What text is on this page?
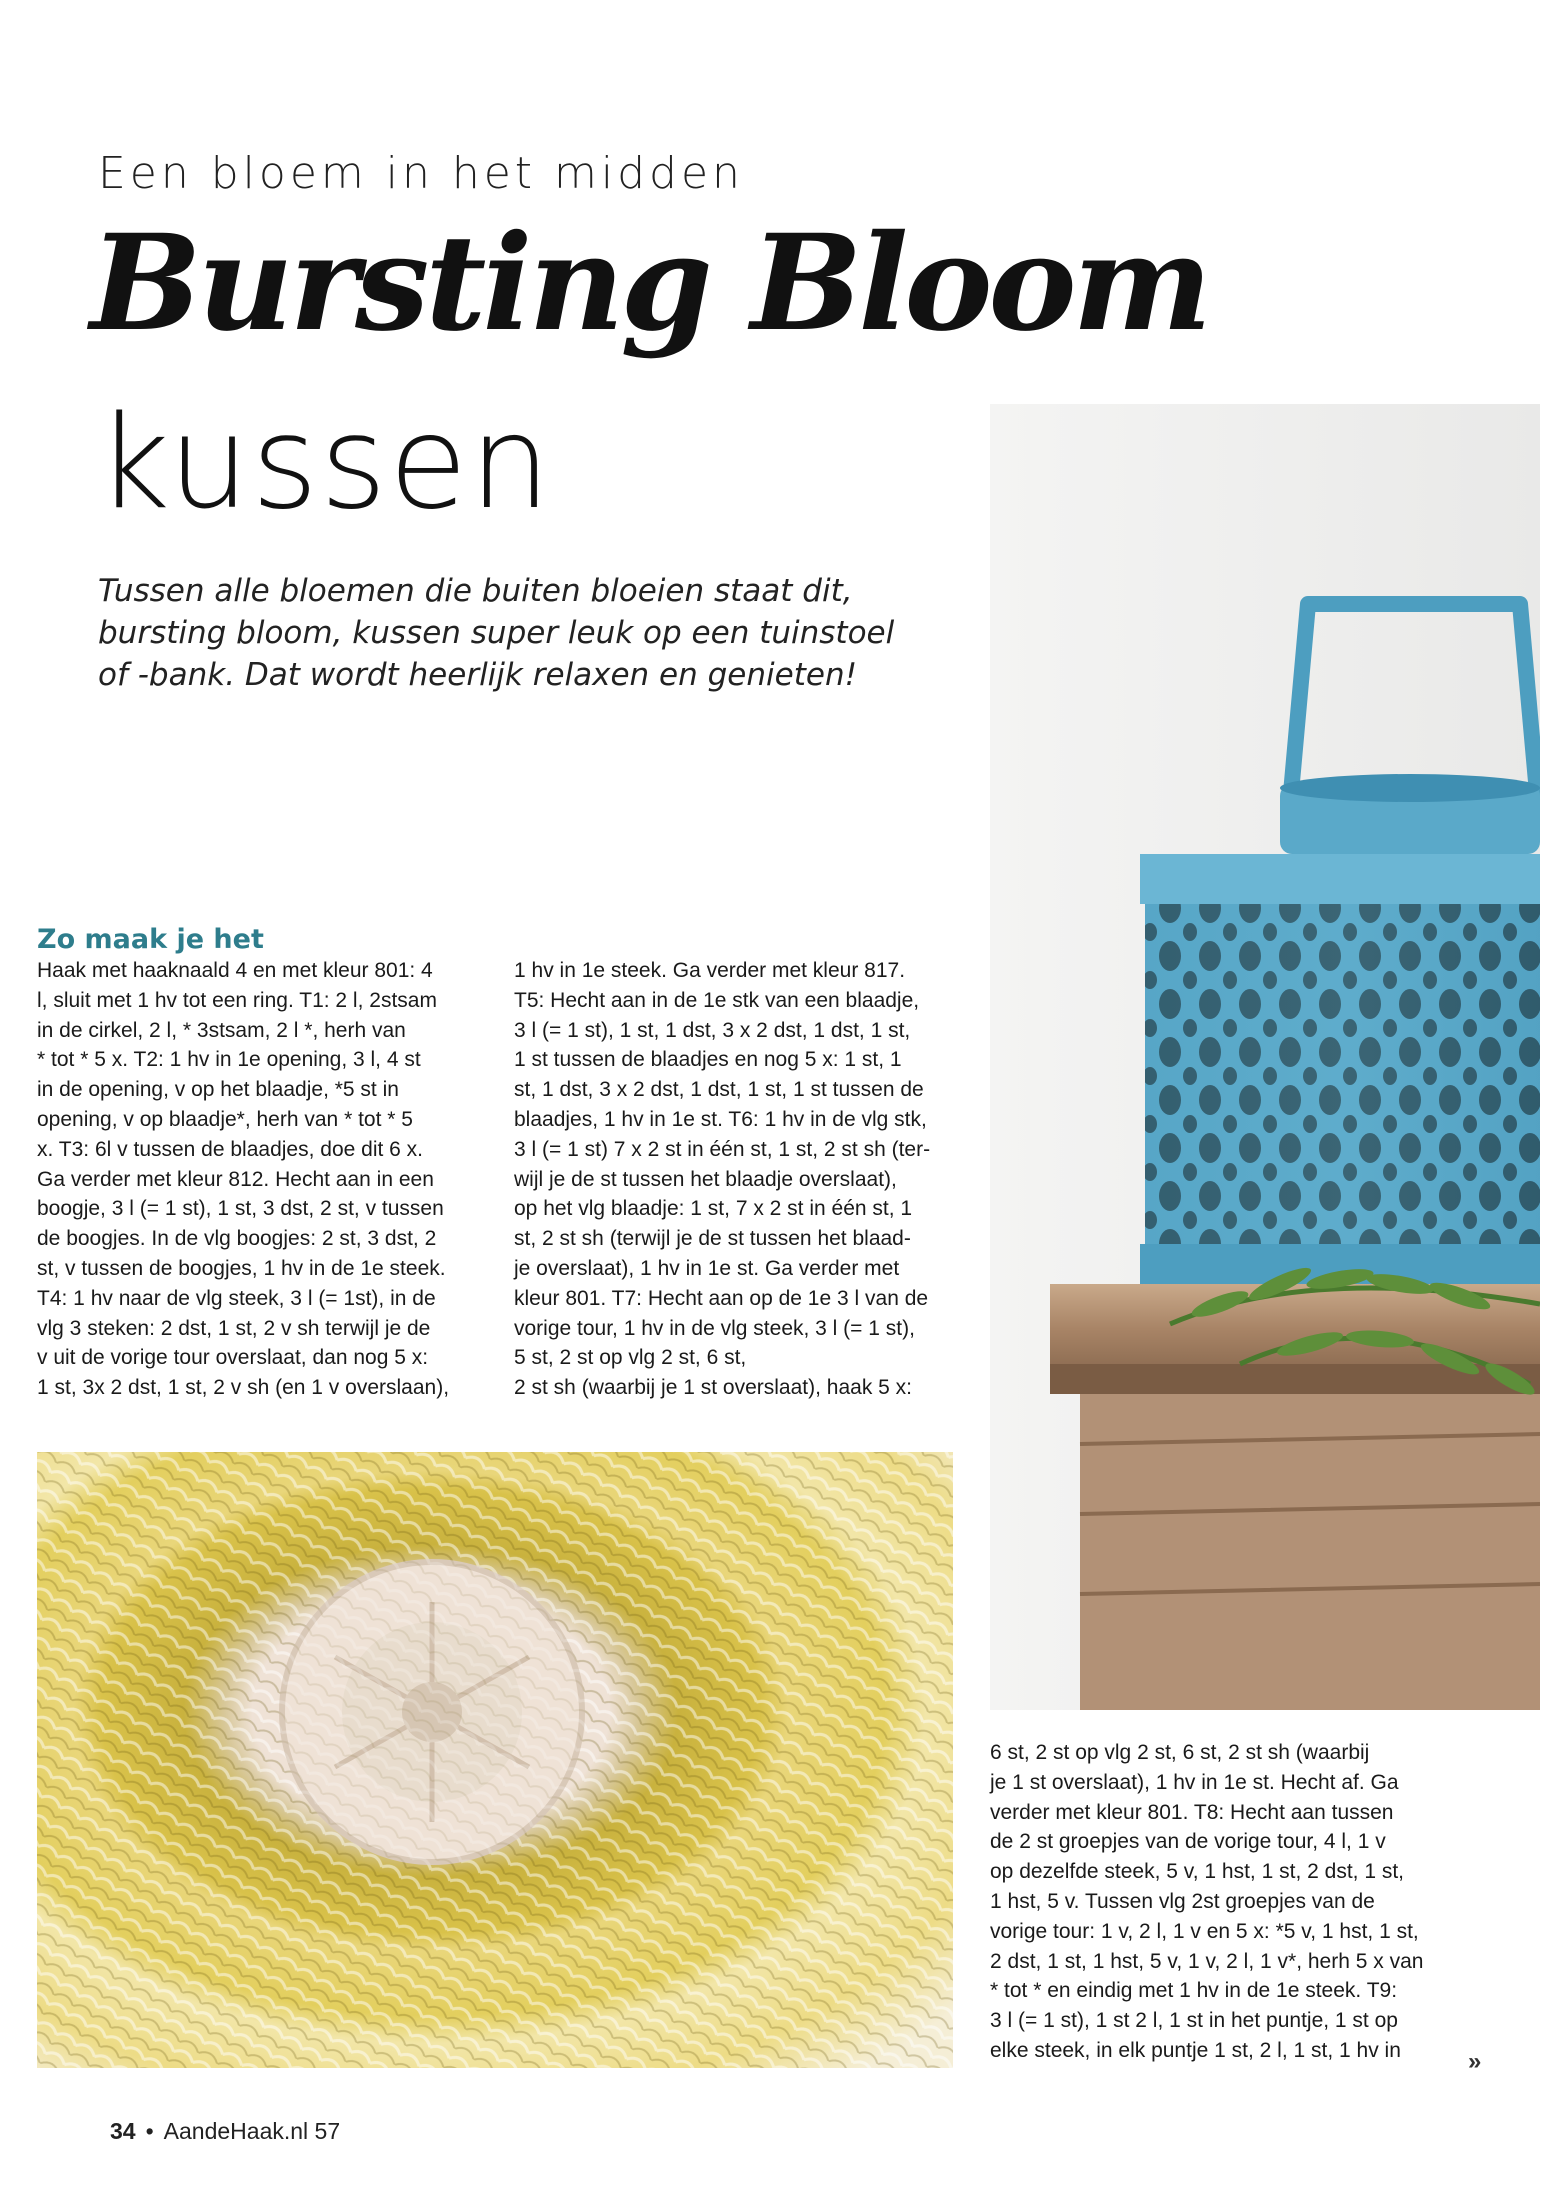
Een bloem in het midden
Bursting Bloom
kussen
Tussen alle bloemen die buiten bloeien staat dit,
bursting bloom, kussen super leuk op een tuinstoel
of -bank. Dat wordt heerlijk relaxen en genieten!
Zo maak je het
Haak met haaknaald 4 en met kleur 801: 4
l, sluit met 1 hv tot een ring. T1: 2 l, 2stsam
in de cirkel, 2 l, * 3stsam, 2 l *, herh van
* tot * 5 x. T2: 1 hv in 1e opening, 3 l, 4 st
in de opening, v op het blaadje, *5 st in
opening, v op blaadje*, herh van * tot * 5
x. T3: 6l v tussen de blaadjes, doe dit 6 x.
Ga verder met kleur 812. Hecht aan in een
boogje, 3 l (= 1 st), 1 st, 3 dst, 2 st, v tussen
de boogjes. In de vlg boogjes: 2 st, 3 dst, 2
st, v tussen de boogjes, 1 hv in de 1e steek.
T4: 1 hv naar de vlg steek, 3 l (= 1st), in de
vlg 3 steken: 2 dst, 1 st, 2 v sh terwijl je de
v uit de vorige tour overslaat, dan nog 5 x:
1 st, 3x 2 dst, 1 st, 2 v sh (en 1 v overslaan),
1 hv in 1e steek. Ga verder met kleur 817.
T5: Hecht aan in de 1e stk van een blaadje,
3 l (= 1 st), 1 st, 1 dst, 3 x 2 dst, 1 dst, 1 st,
1 st tussen de blaadjes en nog 5 x: 1 st, 1
st, 1 dst, 3 x 2 dst, 1 dst, 1 st, 1 st tussen de
blaadjes, 1 hv in 1e st. T6: 1 hv in de vlg stk,
3 l (= 1 st) 7 x 2 st in één st, 1 st, 2 st sh (ter-
wijl je de st tussen het blaadje overslaat),
op het vlg blaadje: 1 st, 7 x 2 st in één st, 1
st, 2 st sh (terwijl je de st tussen het blaad-
je overslaat), 1 hv in 1e st. Ga verder met
kleur 801. T7: Hecht aan op de 1e 3 l van de
vorige tour, 1 hv in de vlg steek, 3 l (= 1 st),
5 st, 2 st op vlg 2 st, 6 st,
2 st sh (waarbij je 1 st overslaat), haak 5 x:
6 st, 2 st op vlg 2 st, 6 st, 2 st sh (waarbij
je 1 st overslaat), 1 hv in 1e st. Hecht af. Ga
verder met kleur 801. T8: Hecht aan tussen
de 2 st groepjes van de vorige tour, 4 l, 1 v
op dezelfde steek, 5 v, 1 hst, 1 st, 2 dst, 1 st,
1 hst, 5 v. Tussen vlg 2st groepjes van de
vorige tour: 1 v, 2 l, 1 v en 5 x: *5 v, 1 hst, 1 st,
2 dst, 1 st, 1 hst, 5 v, 1 v, 2 l, 1 v*, herh 5 x van
* tot * en eindig met 1 hv in de 1e steek. T9:
3 l (= 1 st), 1 st 2 l, 1 st in het puntje, 1 st op
elke steek, in elk puntje 1 st, 2 l, 1 st, 1 hv in	»
34 • AandeHaak.nl 57
